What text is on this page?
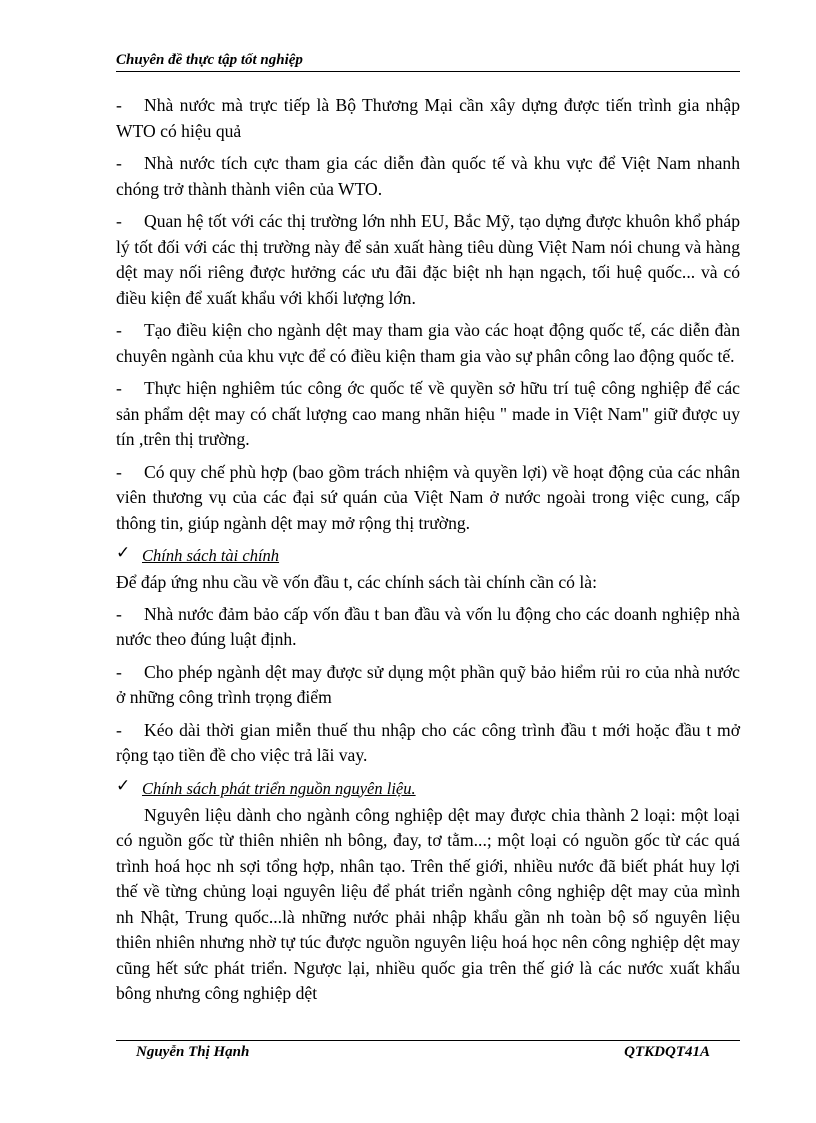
Chuyên đề thực tập tốt nghiệp

- Nhà nước mà trực tiếp là Bộ Thương Mại cần xây dựng được tiến trình gia nhập WTO có hiệu quả

- Nhà nước tích cực tham gia các diễn đàn quốc tế và khu vực để Việt Nam nhanh chóng trở thành thành viên của WTO.

- Quan hệ tốt với các thị trường lớn nhh EU, Bắc Mỹ, tạo dựng được khuôn khổ pháp lý tốt đối với các thị trường này để sản xuất hàng tiêu dùng Việt Nam nói chung và hàng dệt may nối riêng được hưởng các ưu đãi đặc biệt nh hạn ngạch, tối huệ quốc... và có điều kiện để xuất khẩu với khối lượng lớn.

- Tạo điều kiện cho ngành dệt may tham gia vào các hoạt động quốc tế, các diễn đàn chuyên ngành của khu vực để có điều kiện tham gia vào sự phân công lao động quốc tế.

- Thực hiện nghiêm túc công ớc quốc tế về quyền sở hữu trí tuệ công nghiệp để các sản phẩm dệt may có chất lượng cao mang nhãn hiệu " made in Việt Nam" giữ được uy tín ,trên thị trường.

- Có quy chế phù hợp (bao gồm trách nhiệm và quyền lợi) về hoạt động của các nhân viên thương vụ của các đại sứ quán của Việt Nam ở nước ngoài trong việc cung, cấp thông tin, giúp ngành dệt may mở rộng thị trường.

✓ Chính sách tài chính

Để đáp ứng nhu cầu về vốn đầu t, các chính sách tài chính cần có là:

- Nhà nước đảm bảo cấp vốn đầu t ban đầu và vốn lu động cho các doanh nghiệp nhà nước theo đúng luật định.

- Cho phép ngành dệt may được sử dụng một phần quỹ bảo hiểm rủi ro của nhà nước ở những công trình trọng điểm

- Kéo dài thời gian miễn thuế thu nhập cho các công trình đầu t mới hoặc đầu t mở rộng tạo tiền đề cho việc trả lãi vay.

✓ Chính sách phát triển nguồn nguyên liệu.

Nguyên liệu dành cho ngành công nghiệp dệt may được chia thành 2 loại: một loại có nguồn gốc từ thiên nhiên nh bông, đay, tơ tằm...; một loại có nguồn gốc từ các quá trình hoá học nh sợi tổng hợp, nhân tạo. Trên thế giới, nhiều nước đã biết phát huy lợi thế về từng chủng loại nguyên liệu để phát triển ngành công nghiệp dệt may của mình nh Nhật, Trung quốc...là những nước phải nhập khẩu gần nh toàn bộ số nguyên liệu thiên nhiên nhưng nhờ tự túc được nguồn nguyên liệu hoá học nên công nghiệp dệt may cũng hết sức phát triển. Ngược lại, nhiều quốc gia trên thế giớ là các nước xuất khẩu bông nhưng công nghiệp dệt

Nguyễn Thị Hạnh	QTKDQT41A
